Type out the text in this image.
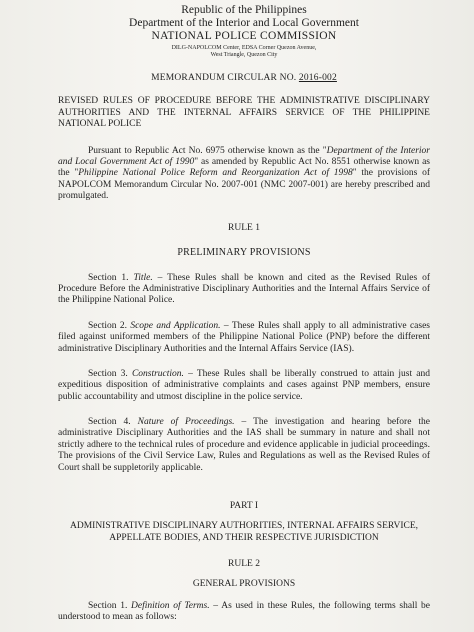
Republic of the Philippines
Department of the Interior and Local Government
NATIONAL POLICE COMMISSION
DILG-NAPOLCOM Center, EDSA Corner Quezon Avenue,
West Triangle, Quezon City
MEMORANDUM CIRCULAR NO. 2016-002
REVISED RULES OF PROCEDURE BEFORE THE ADMINISTRATIVE DISCIPLINARY AUTHORITIES AND THE INTERNAL AFFAIRS SERVICE OF THE PHILIPPINE NATIONAL POLICE

Pursuant to Republic Act No. 6975 otherwise known as the "Department of the Interior and Local Government Act of 1990" as amended by Republic Act No. 8551 otherwise known as the "Philippine National Police Reform and Reorganization Act of 1998" the provisions of NAPOLCOM Memorandum Circular No. 2007-001 (NMC 2007-001) are hereby prescribed and promulgated.

RULE 1
PRELIMINARY PROVISIONS

Section 1. Title. – These Rules shall be known and cited as the Revised Rules of Procedure Before the Administrative Disciplinary Authorities and the Internal Affairs Service of the Philippine National Police.

Section 2. Scope and Application. – These Rules shall apply to all administrative cases filed against uniformed members of the Philippine National Police (PNP) before the different administrative Disciplinary Authorities and the Internal Affairs Service (IAS).

Section 3. Construction. – These Rules shall be liberally construed to attain just and expeditious disposition of administrative complaints and cases against PNP members, ensure public accountability and utmost discipline in the police service.

Section 4. Nature of Proceedings. – The investigation and hearing before the administrative Disciplinary Authorities and the IAS shall be summary in nature and shall not strictly adhere to the technical rules of procedure and evidence applicable in judicial proceedings. The provisions of the Civil Service Law, Rules and Regulations as well as the Revised Rules of Court shall be suppletorily applicable.

PART I
ADMINISTRATIVE DISCIPLINARY AUTHORITIES, INTERNAL AFFAIRS SERVICE, APPELLATE BODIES, AND THEIR RESPECTIVE JURISDICTION
RULE 2
GENERAL PROVISIONS

Section 1. Definition of Terms. – As used in these Rules, the following terms shall be understood to mean as follows:
